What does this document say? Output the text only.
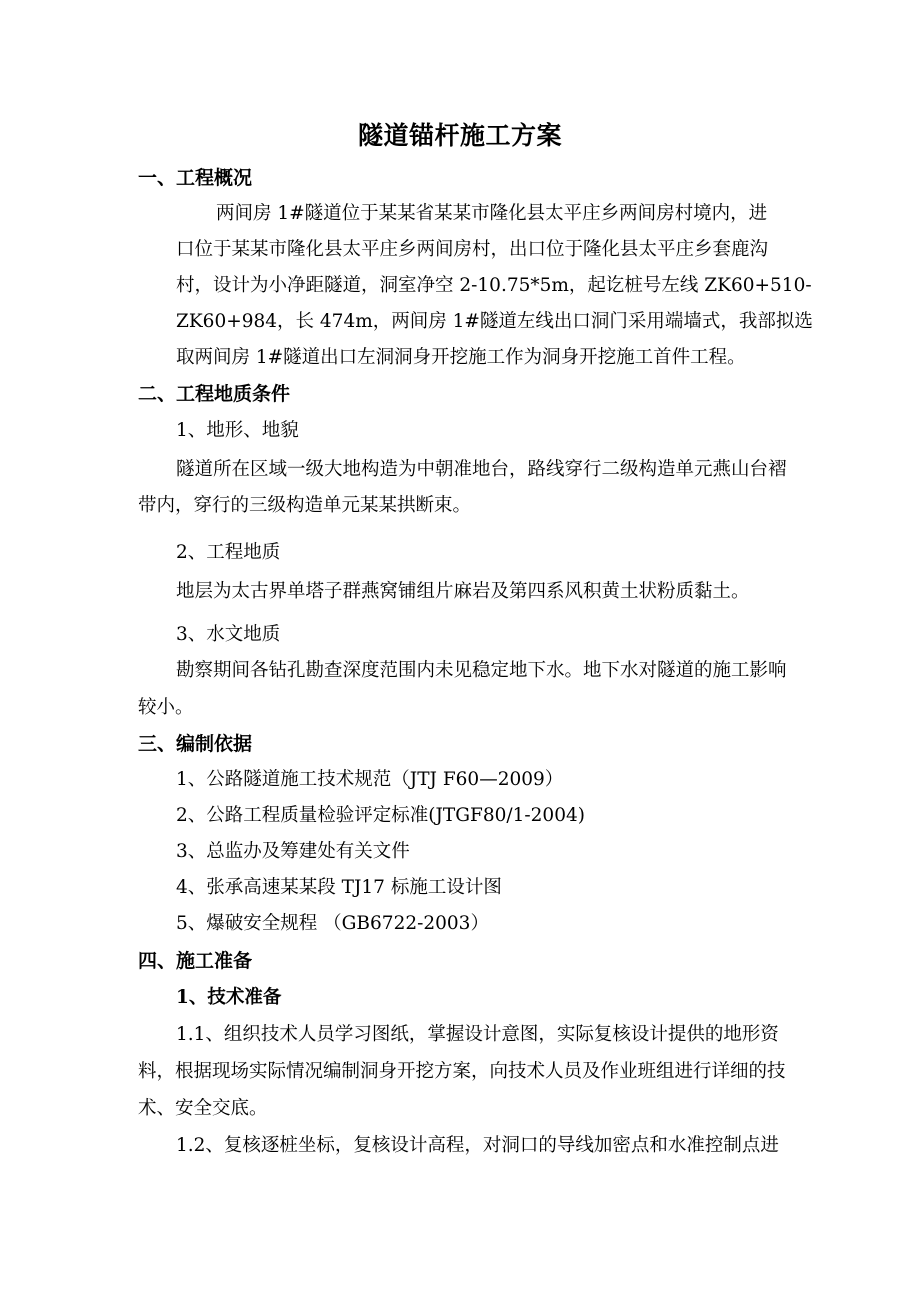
隧道锚杆施工方案
一、工程概况
两间房 1#隧道位于某某省某某市隆化县太平庄乡两间房村境内，进
口位于某某市隆化县太平庄乡两间房村，出口位于隆化县太平庄乡套鹿沟
村，设计为小净距隧道，洞室净空 2-10.75*5m，起讫桩号左线 ZK60+510-
ZK60+984，长 474m，两间房 1#隧道左线出口洞门采用端墙式，我部拟选
取两间房 1#隧道出口左洞洞身开挖施工作为洞身开挖施工首件工程。
二、工程地质条件
1、地形、地貌
隧道所在区域一级大地构造为中朝准地台，路线穿行二级构造单元燕山台褶
带内，穿行的三级构造单元某某拱断束。
2、工程地质
地层为太古界单塔子群燕窝铺组片麻岩及第四系风积黄土状粉质黏土。
3、水文地质
勘察期间各钻孔勘查深度范围内未见稳定地下水。地下水对隧道的施工影响
较小。
三、编制依据
1、公路隧道施工技术规范（JTJ F60—2009）
2、公路工程质量检验评定标准(JTGF80/1-2004)
3、总监办及筹建处有关文件
4、张承高速某某段 TJ17 标施工设计图
5、爆破安全规程 （GB6722-2003）
四、施工准备
1、技术准备
1.1、组织技术人员学习图纸，掌握设计意图，实际复核设计提供的地形资
料，根据现场实际情况编制洞身开挖方案，向技术人员及作业班组进行详细的技
术、安全交底。
1.2、复核逐桩坐标，复核设计高程，对洞口的导线加密点和水准控制点进
